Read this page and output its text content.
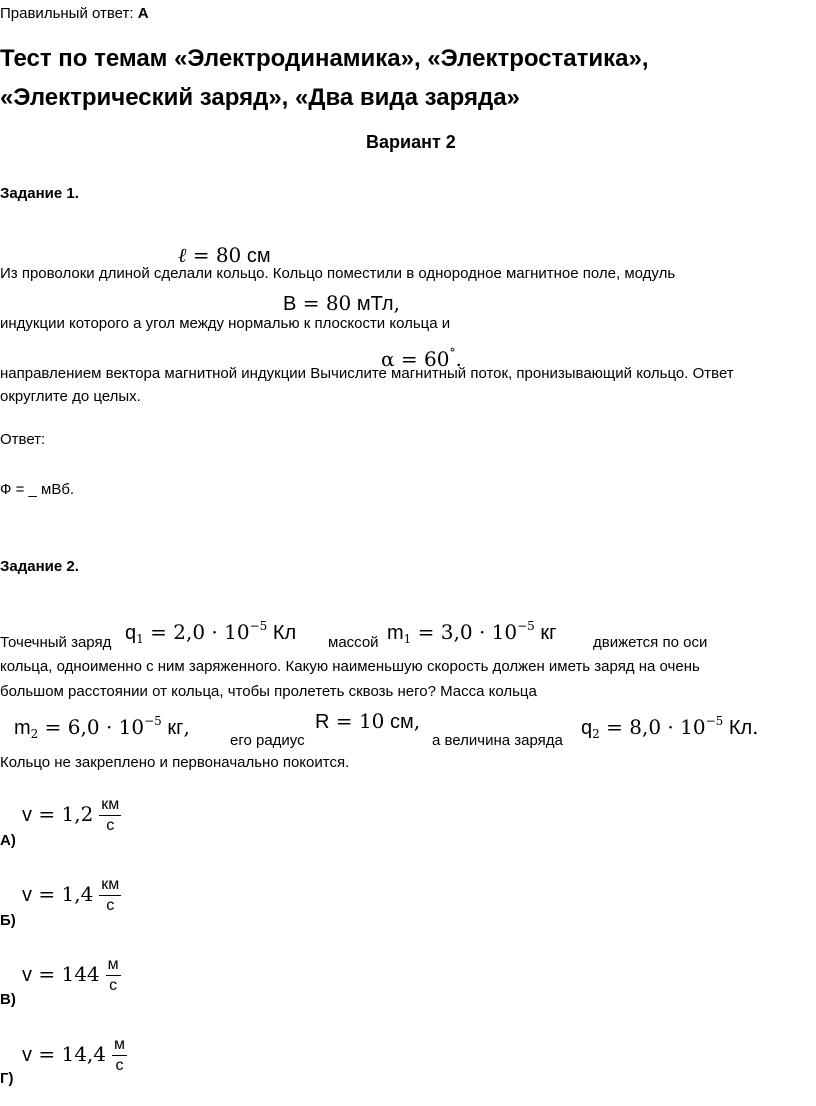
Правильный ответ: А
Тест по темам «Электродинамика», «Электростатика»,
«Электрический заряд», «Два вида заряда»
Вариант 2
Задание 1.
ℓ = 80 см
Из проволоки длиной сделали кольцо. Кольцо поместили в однородное магнитное поле, модуль
B = 80 мТл,
индукции которого а угол между нормалью к плоскости кольца и
α = 60°.
направлением вектора магнитной индукции Вычислите магнитный поток, пронизывающий кольцо. Ответ
округлите до целых.
Ответ:
Ф = _ мВб.
Задание 2.
Точечный заряд $q_1 = 2,0 \cdot 10^{-5}$ Кл массой $m_1 = 3,0 \cdot 10^{-5}$ кг движется по оси
кольца, одноименно с ним заряженного. Какую наименьшую скорость должен иметь заряд на очень
большом расстоянии от кольца, чтобы пролететь сквозь него? Масса кольца
$m_2 = 6,0 \cdot 10^{-5}$ кг,
его радиус
R = 10 см,
а величина заряда
$q_2 = 8,0 \cdot 10^{-5}$ Кл.
Кольцо не закреплено и первоначально покоится.
$v = 1,2 \frac{км}{с}$
А)
$v = 1,4 \frac{км}{с}$
Б)
$v = 144 \frac{м}{с}$
В)
$v = 14,4 \frac{м}{с}$
Г)
